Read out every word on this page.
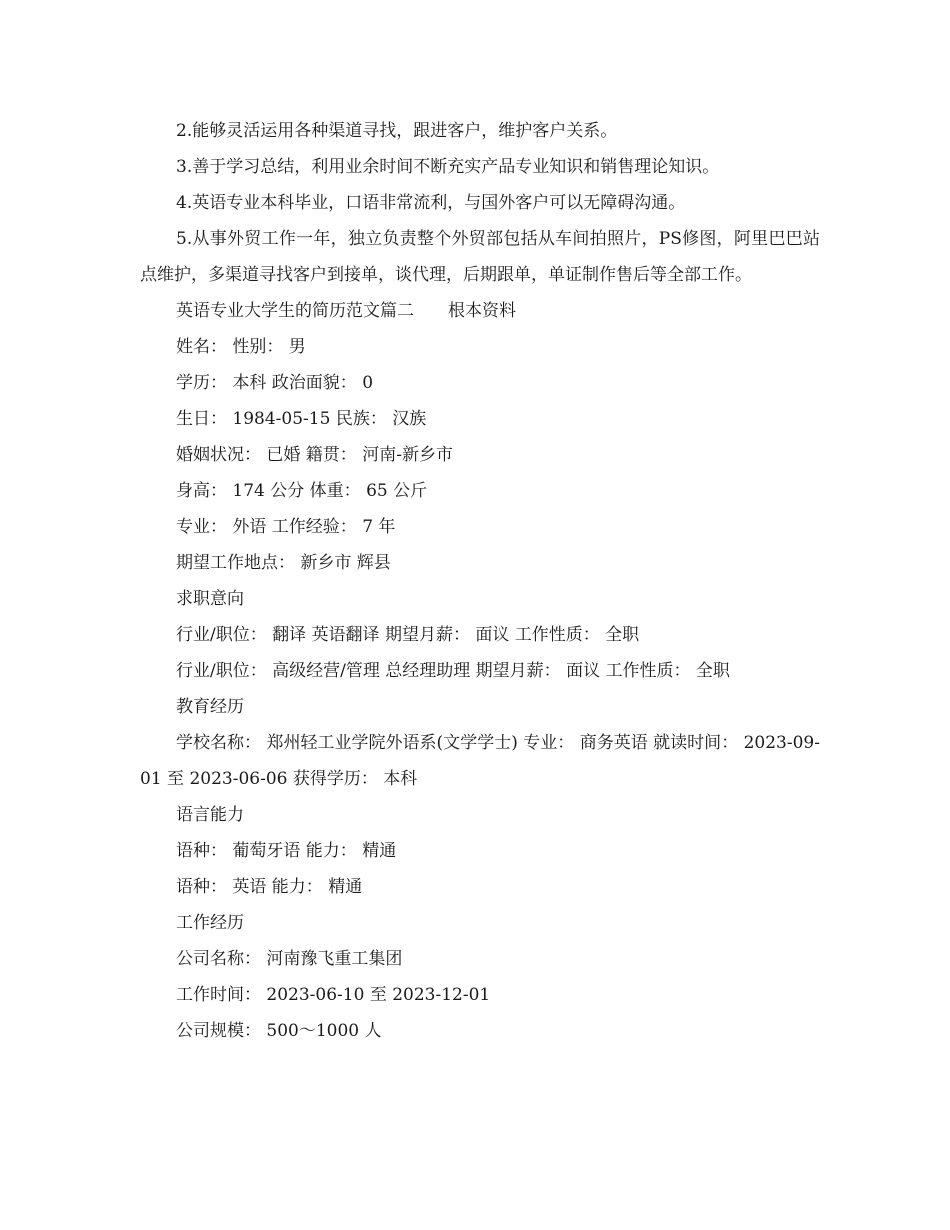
2.能够灵活运用各种渠道寻找，跟进客户，维护客户关系。

3.善于学习总结，利用业余时间不断充实产品专业知识和销售理论知识。

4.英语专业本科毕业，口语非常流利，与国外客户可以无障碍沟通。

5.从事外贸工作一年，独立负责整个外贸部包括从车间拍照片，PS修图，阿里巴巴站点维护，多渠道寻找客户到接单，谈代理，后期跟单，单证制作售后等全部工作。

英语专业大学生的简历范文篇二　　根本资料

姓名： 性别： 男

学历： 本科 政治面貌： 0

生日： 1984-05-15 民族： 汉族

婚姻状况： 已婚 籍贯： 河南-新乡市

身高： 174 公分 体重： 65 公斤

专业： 外语 工作经验： 7 年

期望工作地点： 新乡市 辉县

求职意向

行业/职位： 翻译 英语翻译 期望月薪： 面议 工作性质： 全职

行业/职位： 高级经营/管理 总经理助理 期望月薪： 面议 工作性质： 全职

教育经历

学校名称： 郑州轻工业学院外语系(文学学士) 专业： 商务英语 就读时间： 2023-09-01 至 2023-06-06 获得学历： 本科

语言能力

语种： 葡萄牙语 能力： 精通

语种： 英语 能力： 精通

工作经历

公司名称： 河南豫飞重工集团

工作时间： 2023-06-10 至 2023-12-01

公司规模： 500～1000 人
